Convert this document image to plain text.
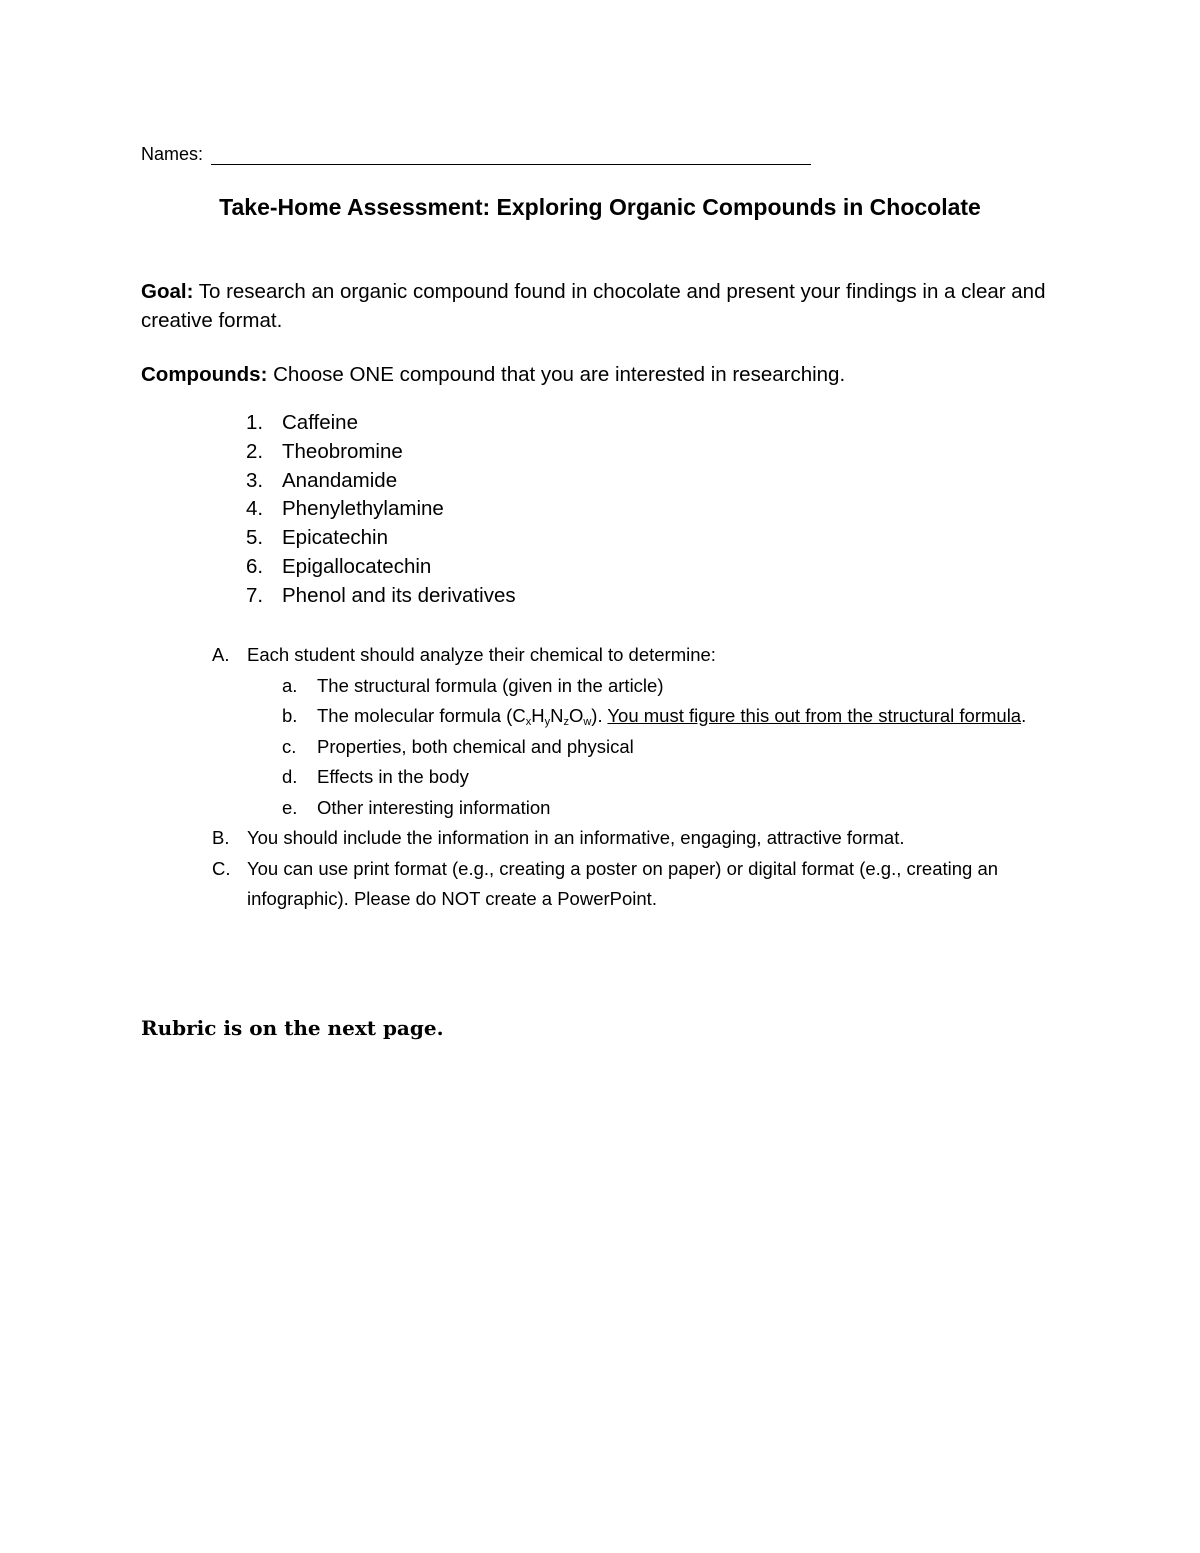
Names:
Take-Home Assessment: Exploring Organic Compounds in Chocolate
Goal: To research an organic compound found in chocolate and present your findings in a clear and creative format.
Compounds: Choose ONE compound that you are interested in researching.
1. Caffeine
2. Theobromine
3. Anandamide
4. Phenylethylamine
5. Epicatechin
6. Epigallocatechin
7. Phenol and its derivatives
A. Each student should analyze their chemical to determine:
a.	The structural formula (given in the article)
b.	The molecular formula $(C_xH_yN_zO_w)$. You must figure this out from the structural formula.
c.	Properties, both chemical and physical
d.	Effects in the body
e.	Other interesting information
B. You should include the information in an informative, engaging, attractive format.
C. You can use print format (e.g., creating a poster on paper) or digital format (e.g., creating an infographic). Please do NOT create a PowerPoint.
Rubric is on the next page.
